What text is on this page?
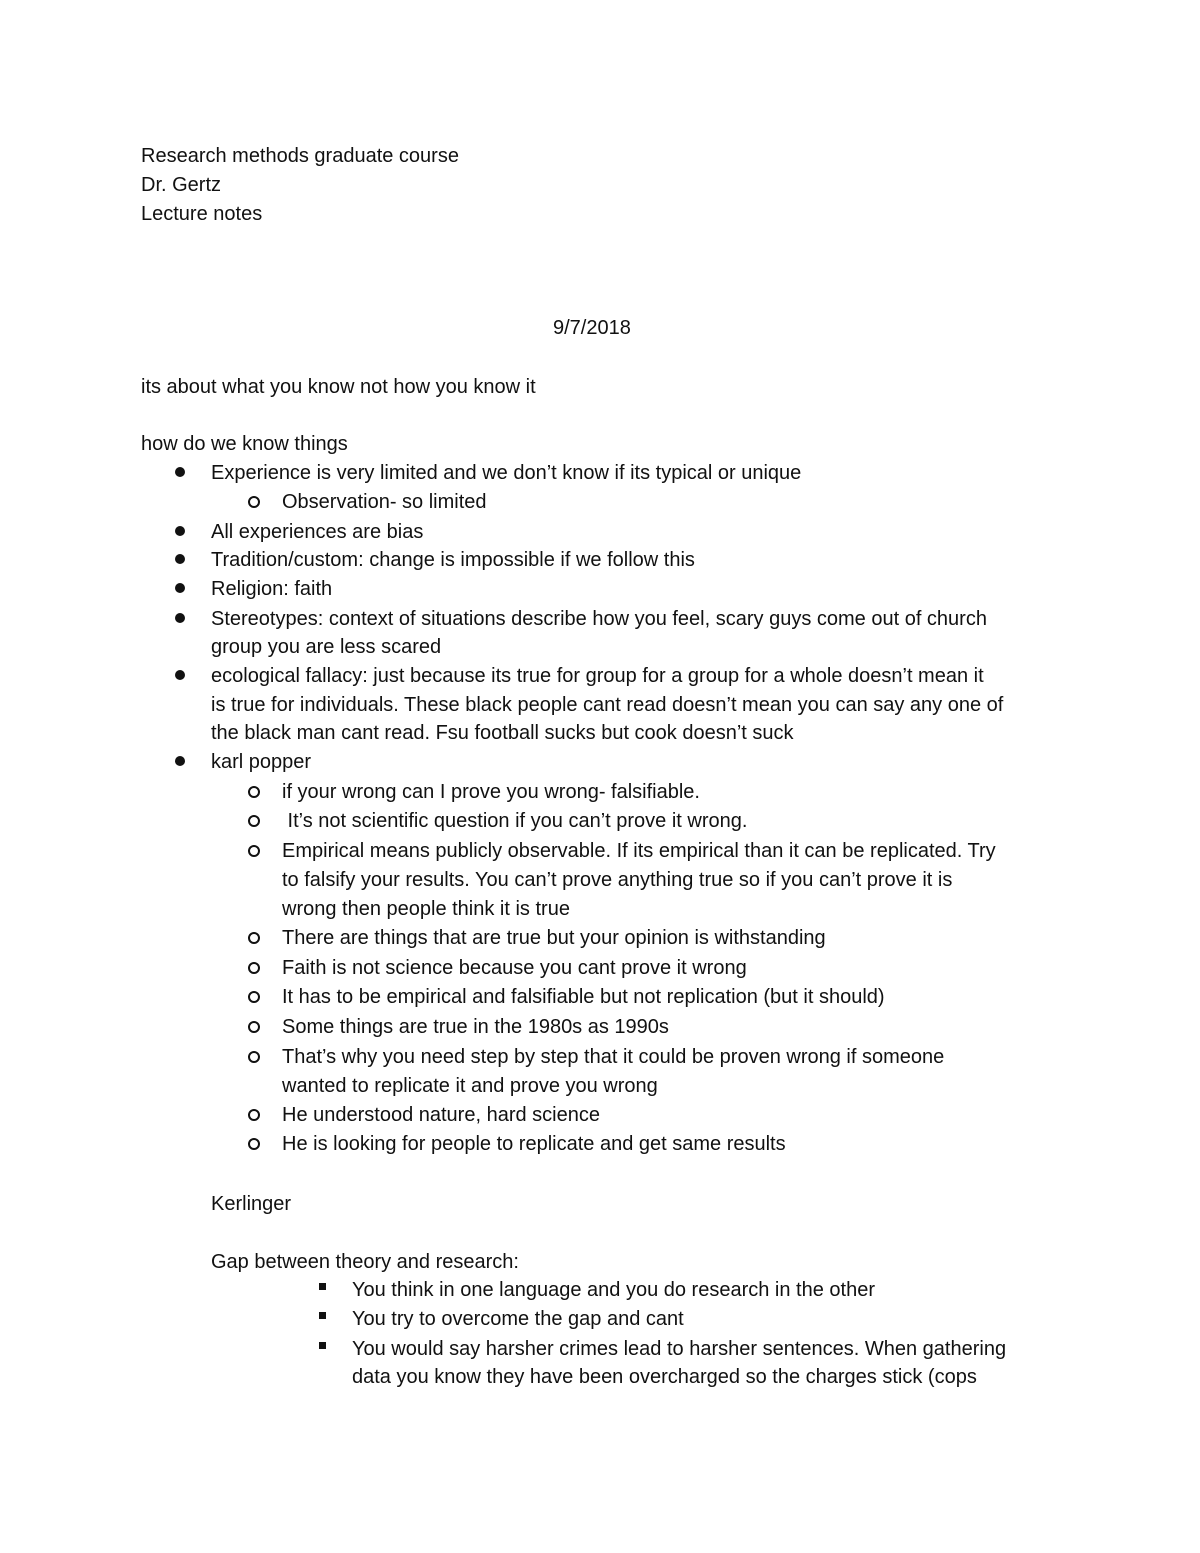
Research methods graduate course
Dr. Gertz
Lecture notes
9/7/2018
its about what you know not how you know it
how do we know things
Experience is very limited and we don’t know if its typical or unique
Observation- so limited
All experiences are bias
Tradition/custom: change is impossible if we follow this
Religion: faith
Stereotypes: context of situations describe how you feel, scary guys come out of church
group you are less scared
ecological fallacy: just because its true for group for a group for a whole doesn’t mean it
is true for individuals. These black people cant read doesn’t mean you can say any one of
the black man cant read. Fsu football sucks but cook doesn’t suck
karl popper
if your wrong can I prove you wrong- falsifiable.
It’s not scientific question if you can’t prove it wrong.
Empirical means publicly observable. If its empirical than it can be replicated. Try
to falsify your results. You can’t prove anything true so if you can’t prove it is
wrong then people think it is true
There are things that are true but your opinion is withstanding
Faith is not science because you cant prove it wrong
It has to be empirical and falsifiable but not replication (but it should)
Some things are true in the 1980s as 1990s
That’s why you need step by step that it could be proven wrong if someone
wanted to replicate it and prove you wrong
He understood nature, hard science
He is looking for people to replicate and get same results
Kerlinger
Gap between theory and research:
You think in one language and you do research in the other
You try to overcome the gap and cant
You would say harsher crimes lead to harsher sentences. When gathering
data you know they have been overcharged so the charges stick (cops
